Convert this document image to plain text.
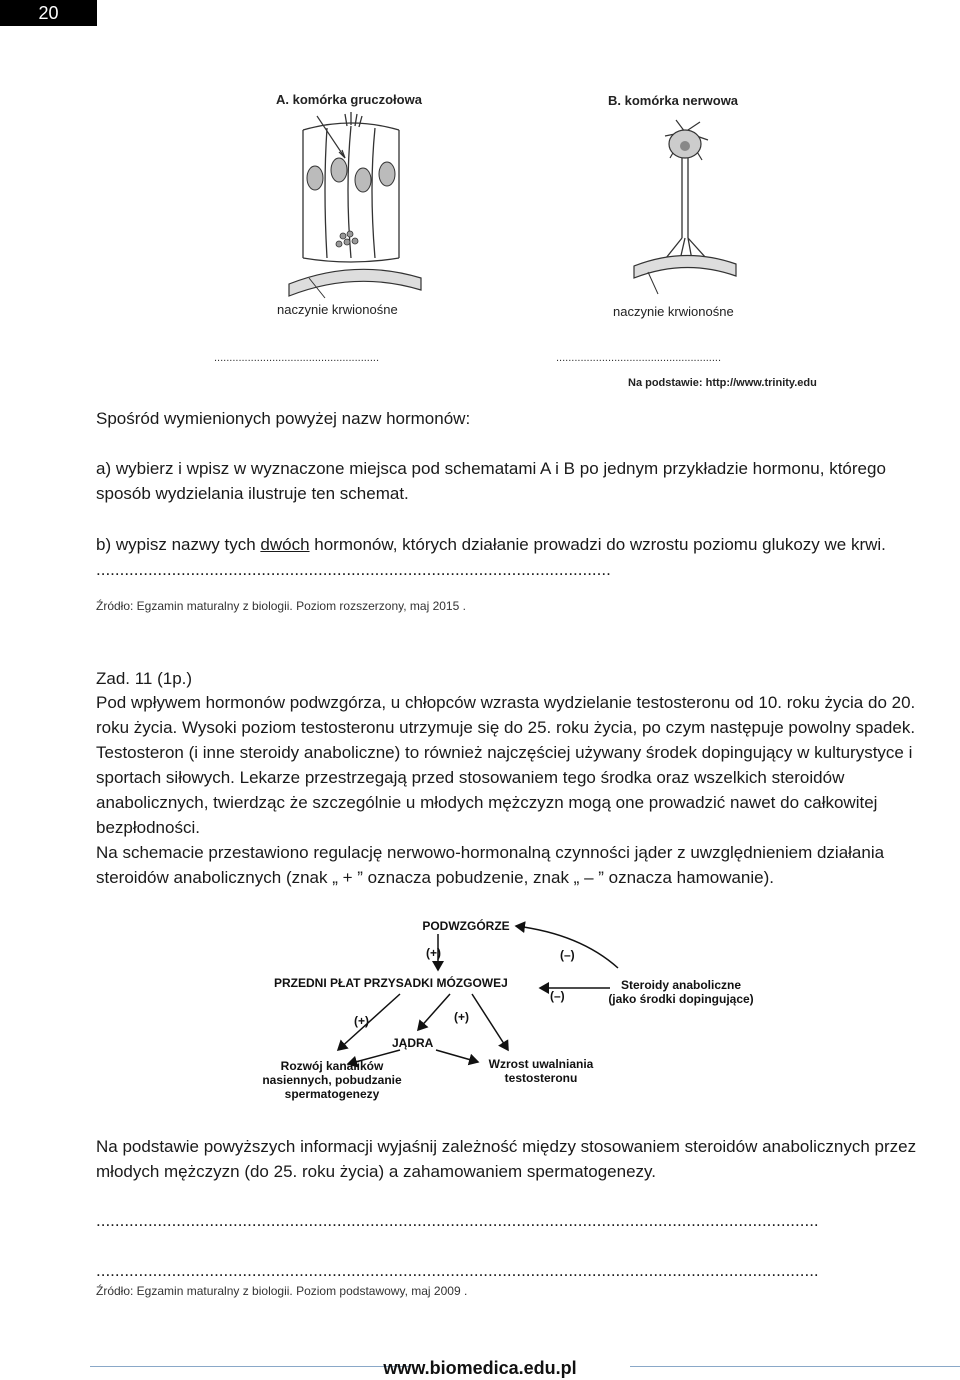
20
A. komórka gruczołowa	B. komórka nerwowa
naczynie krwionośne	naczynie krwionośne
......................................................	......................................................
Na podstawie: http://www.trinity.edu
Spośród wymienionych powyżej nazw hormonów:
a) wybierz i wpisz w wyznaczone miejsca pod schematami A i B po jednym przykładzie hormonu, którego sposób wydzielania ilustruje ten schemat.
b) wypisz nazwy tych dwóch hormonów, których działanie prowadzi do wzrostu poziomu glukozy we krwi. .............................................................................................................
Źródło: Egzamin maturalny z biologii. Poziom rozszerzony, maj 2015 .
Zad. 11 (1p.)
Pod wpływem hormonów podwzgórza, u chłopców wzrasta wydzielanie testosteronu od 10. roku życia do 20. roku życia. Wysoki poziom testosteronu utrzymuje się do 25. roku życia, po czym następuje powolny spadek. Testosteron (i inne steroidy anaboliczne) to również najczęściej używany środek dopingujący w kulturystyce i sportach siłowych. Lekarze przestrzegają przed stosowaniem tego środka oraz wszelkich steroidów anabolicznych, twierdząc że szczególnie u młodych mężczyzn mogą one prowadzić nawet do całkowitej bezpłodności.
Na schemacie przestawiono regulację nerwowo-hormonalną czynności jąder z uwzględnieniem działania steroidów anabolicznych (znak „ + ” oznacza pobudzenie, znak „ – ” oznacza hamowanie).
PODWZGÓRZE
(+)	(–)
PRZEDNI PŁAT PRZYSADKI MÓZGOWEJ
(–)
Steroidy anaboliczne
(jako środki dopingujące)
(+)	(+)
JĄDRA
Rozwój kanalików
nasiennych, pobudzanie
spermatogenezy
Wzrost uwalniania
testosteronu
Na podstawie powyższych informacji wyjaśnij zależność między stosowaniem steroidów anabolicznych przez młodych mężczyzn (do 25. roku życia) a zahamowaniem spermatogenezy.
.........................................................................................................................................................
.........................................................................................................................................................
Źródło: Egzamin maturalny z biologii. Poziom podstawowy, maj 2009 .
www.biomedica.edu.pl
